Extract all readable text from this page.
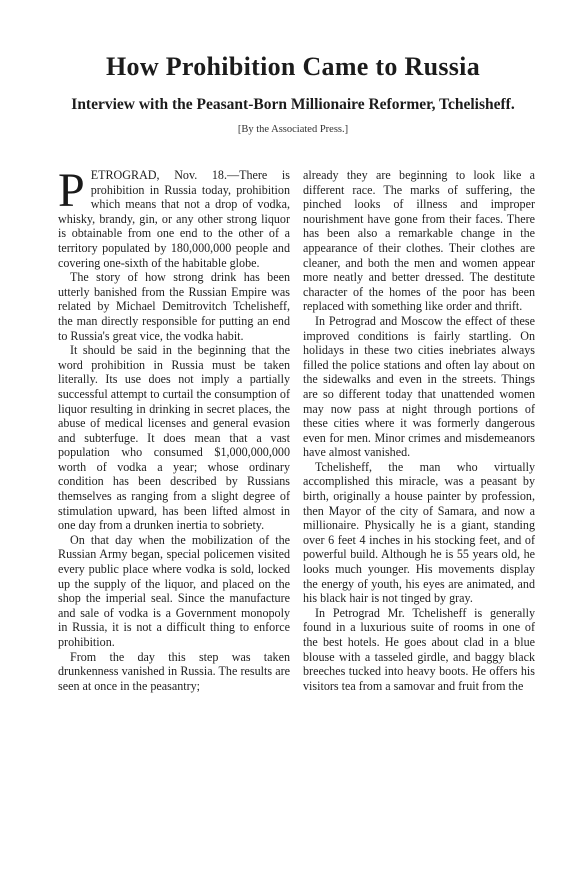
How Prohibition Came to Russia
Interview with the Peasant-Born Millionaire Reformer, Tchelisheff.
[By the Associated Press.]

PETROGRAD, Nov. 18.—There is prohibition in Russia today, prohibition which means that not a drop of vodka, whisky, brandy, gin, or any other strong liquor is obtainable from one end to the other of a territory populated by 180,000,000 people and covering one-sixth of the habitable globe.

The story of how strong drink has been utterly banished from the Russian Empire was related by Michael Demitrovitch Tchelisheff, the man directly responsible for putting an end to Russia's great vice, the vodka habit.

It should be said in the beginning that the word prohibition in Russia must be taken literally. Its use does not imply a partially successful attempt to curtail the consumption of liquor resulting in drinking in secret places, the abuse of medical licenses and general evasion and subterfuge. It does mean that a vast population who consumed $1,000,000,000 worth of vodka a year; whose ordinary condition has been described by Russians themselves as ranging from a slight degree of stimulation upward, has been lifted almost in one day from a drunken inertia to sobriety.

On that day when the mobilization of the Russian Army began, special policemen visited every public place where vodka is sold, locked up the supply of the liquor, and placed on the shop the imperial seal. Since the manufacture and sale of vodka is a Government monopoly in Russia, it is not a difficult thing to enforce prohibition.

From the day this step was taken drunkenness vanished in Russia. The results are seen at once in the peasantry;

already they are beginning to look like a different race. The marks of suffering, the pinched looks of illness and improper nourishment have gone from their faces. There has been also a remarkable change in the appearance of their clothes. Their clothes are cleaner, and both the men and women appear more neatly and better dressed. The destitute character of the homes of the poor has been replaced with something like order and thrift.

In Petrograd and Moscow the effect of these improved conditions is fairly startling. On holidays in these two cities inebriates always filled the police stations and often lay about on the sidewalks and even in the streets. Things are so different today that unattended women may now pass at night through portions of these cities where it was formerly dangerous even for men. Minor crimes and misdemeanors have almost vanished.

Tchelisheff, the man who virtually accomplished this miracle, was a peasant by birth, originally a house painter by profession, then Mayor of the city of Samara, and now a millionaire. Physically he is a giant, standing over 6 feet 4 inches in his stocking feet, and of powerful build. Although he is 55 years old, he looks much younger. His movements display the energy of youth, his eyes are animated, and his black hair is not tinged by gray.

In Petrograd Mr. Tchelisheff is generally found in a luxurious suite of rooms in one of the best hotels. He goes about clad in a blue blouse with a tasseled girdle, and baggy black breeches tucked into heavy boots. He offers his visitors tea from a samovar and fruit from the
